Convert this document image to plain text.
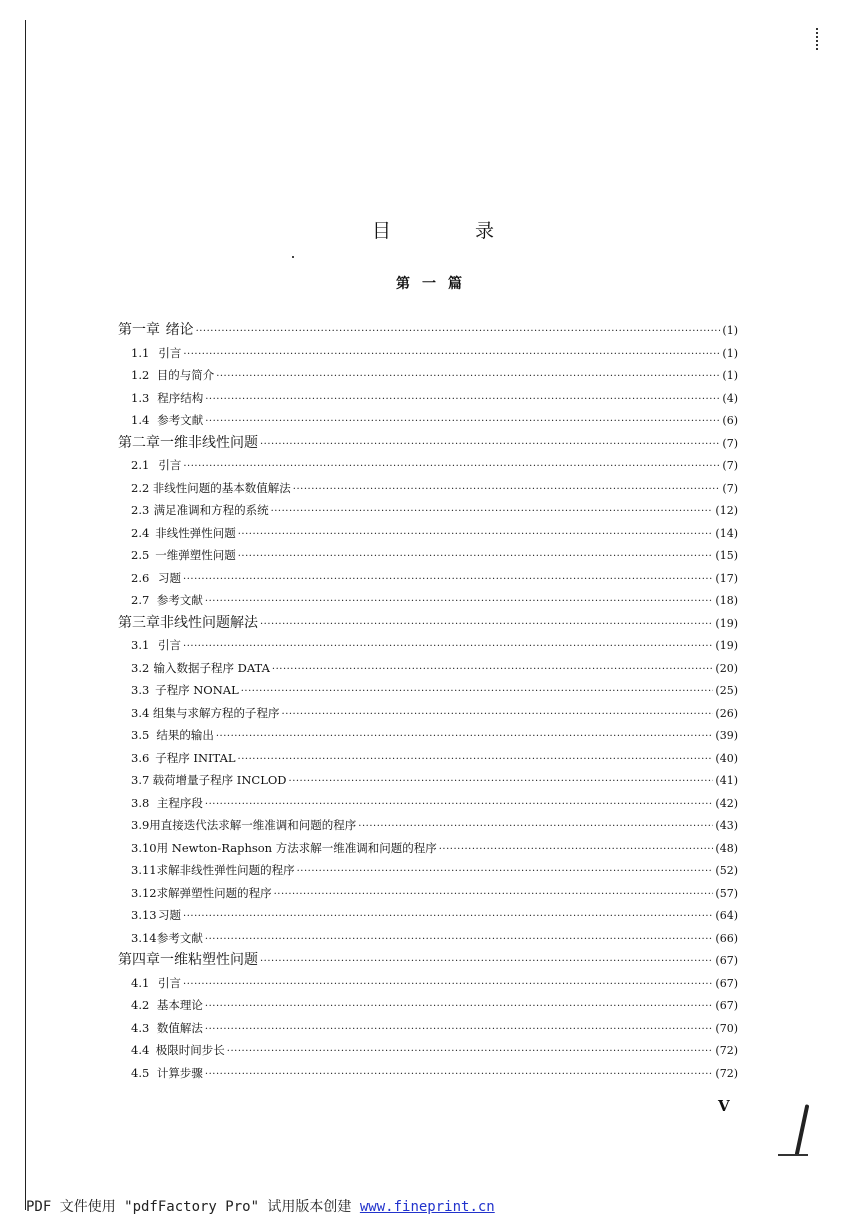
目录
第一篇
第一章 绪论 ·····	(1)
1.1 引言 ·····	(1)
1.2 目的与简介 ·····	(1)
1.3 程序结构 ·····	(4)
1.4 参考文献 ·····	(6)
第二章 一维非线性问题 ·····	(7)
2.1 引言 ·····	(7)
2.2 非线性问题的基本数值解法 ·····	(7)
2.3 满足准调和方程的系统 ·····	(12)
2.4 非线性弹性问题 ·····	(14)
2.5 一维弹塑性问题 ·····	(15)
2.6 习题 ·····	(17)
2.7 参考文献 ·····	(18)
第三章 非线性问题解法 ·····	(19)
3.1 引言 ·····	(19)
3.2 输入数据子程序 DATA ·····	(20)
3.3 子程序 NONAL ·····	(25)
3.4 组集与求解方程的子程序 ·····	(26)
3.5 结果的输出 ·····	(39)
3.6 子程序 INITAL ·····	(40)
3.7 载荷增量子程序 INCLOD ·····	(41)
3.8 主程序段 ·····	(42)
3.9 用直接迭代法求解一维准调和问题的程序 ·····	(43)
3.10 用 Newton-Raphson 方法求解一维准调和问题的程序 ·····	(48)
3.11 求解非线性弹性问题的程序 ·····	(52)
3.12 求解弹塑性问题的程序 ·····	(57)
3.13 习题 ·····	(64)
3.14 参考文献 ·····	(66)
第四章 一维粘塑性问题 ·····	(67)
4.1 引言 ·····	(67)
4.2 基本理论 ·····	(67)
4.3 数值解法 ·····	(70)
4.4 极限时间步长 ·····	(72)
4.5 计算步骤 ·····	(72)
V
PDF 文件使用 "pdfFactory Pro" 试用版本创建 www.fineprint.cn
